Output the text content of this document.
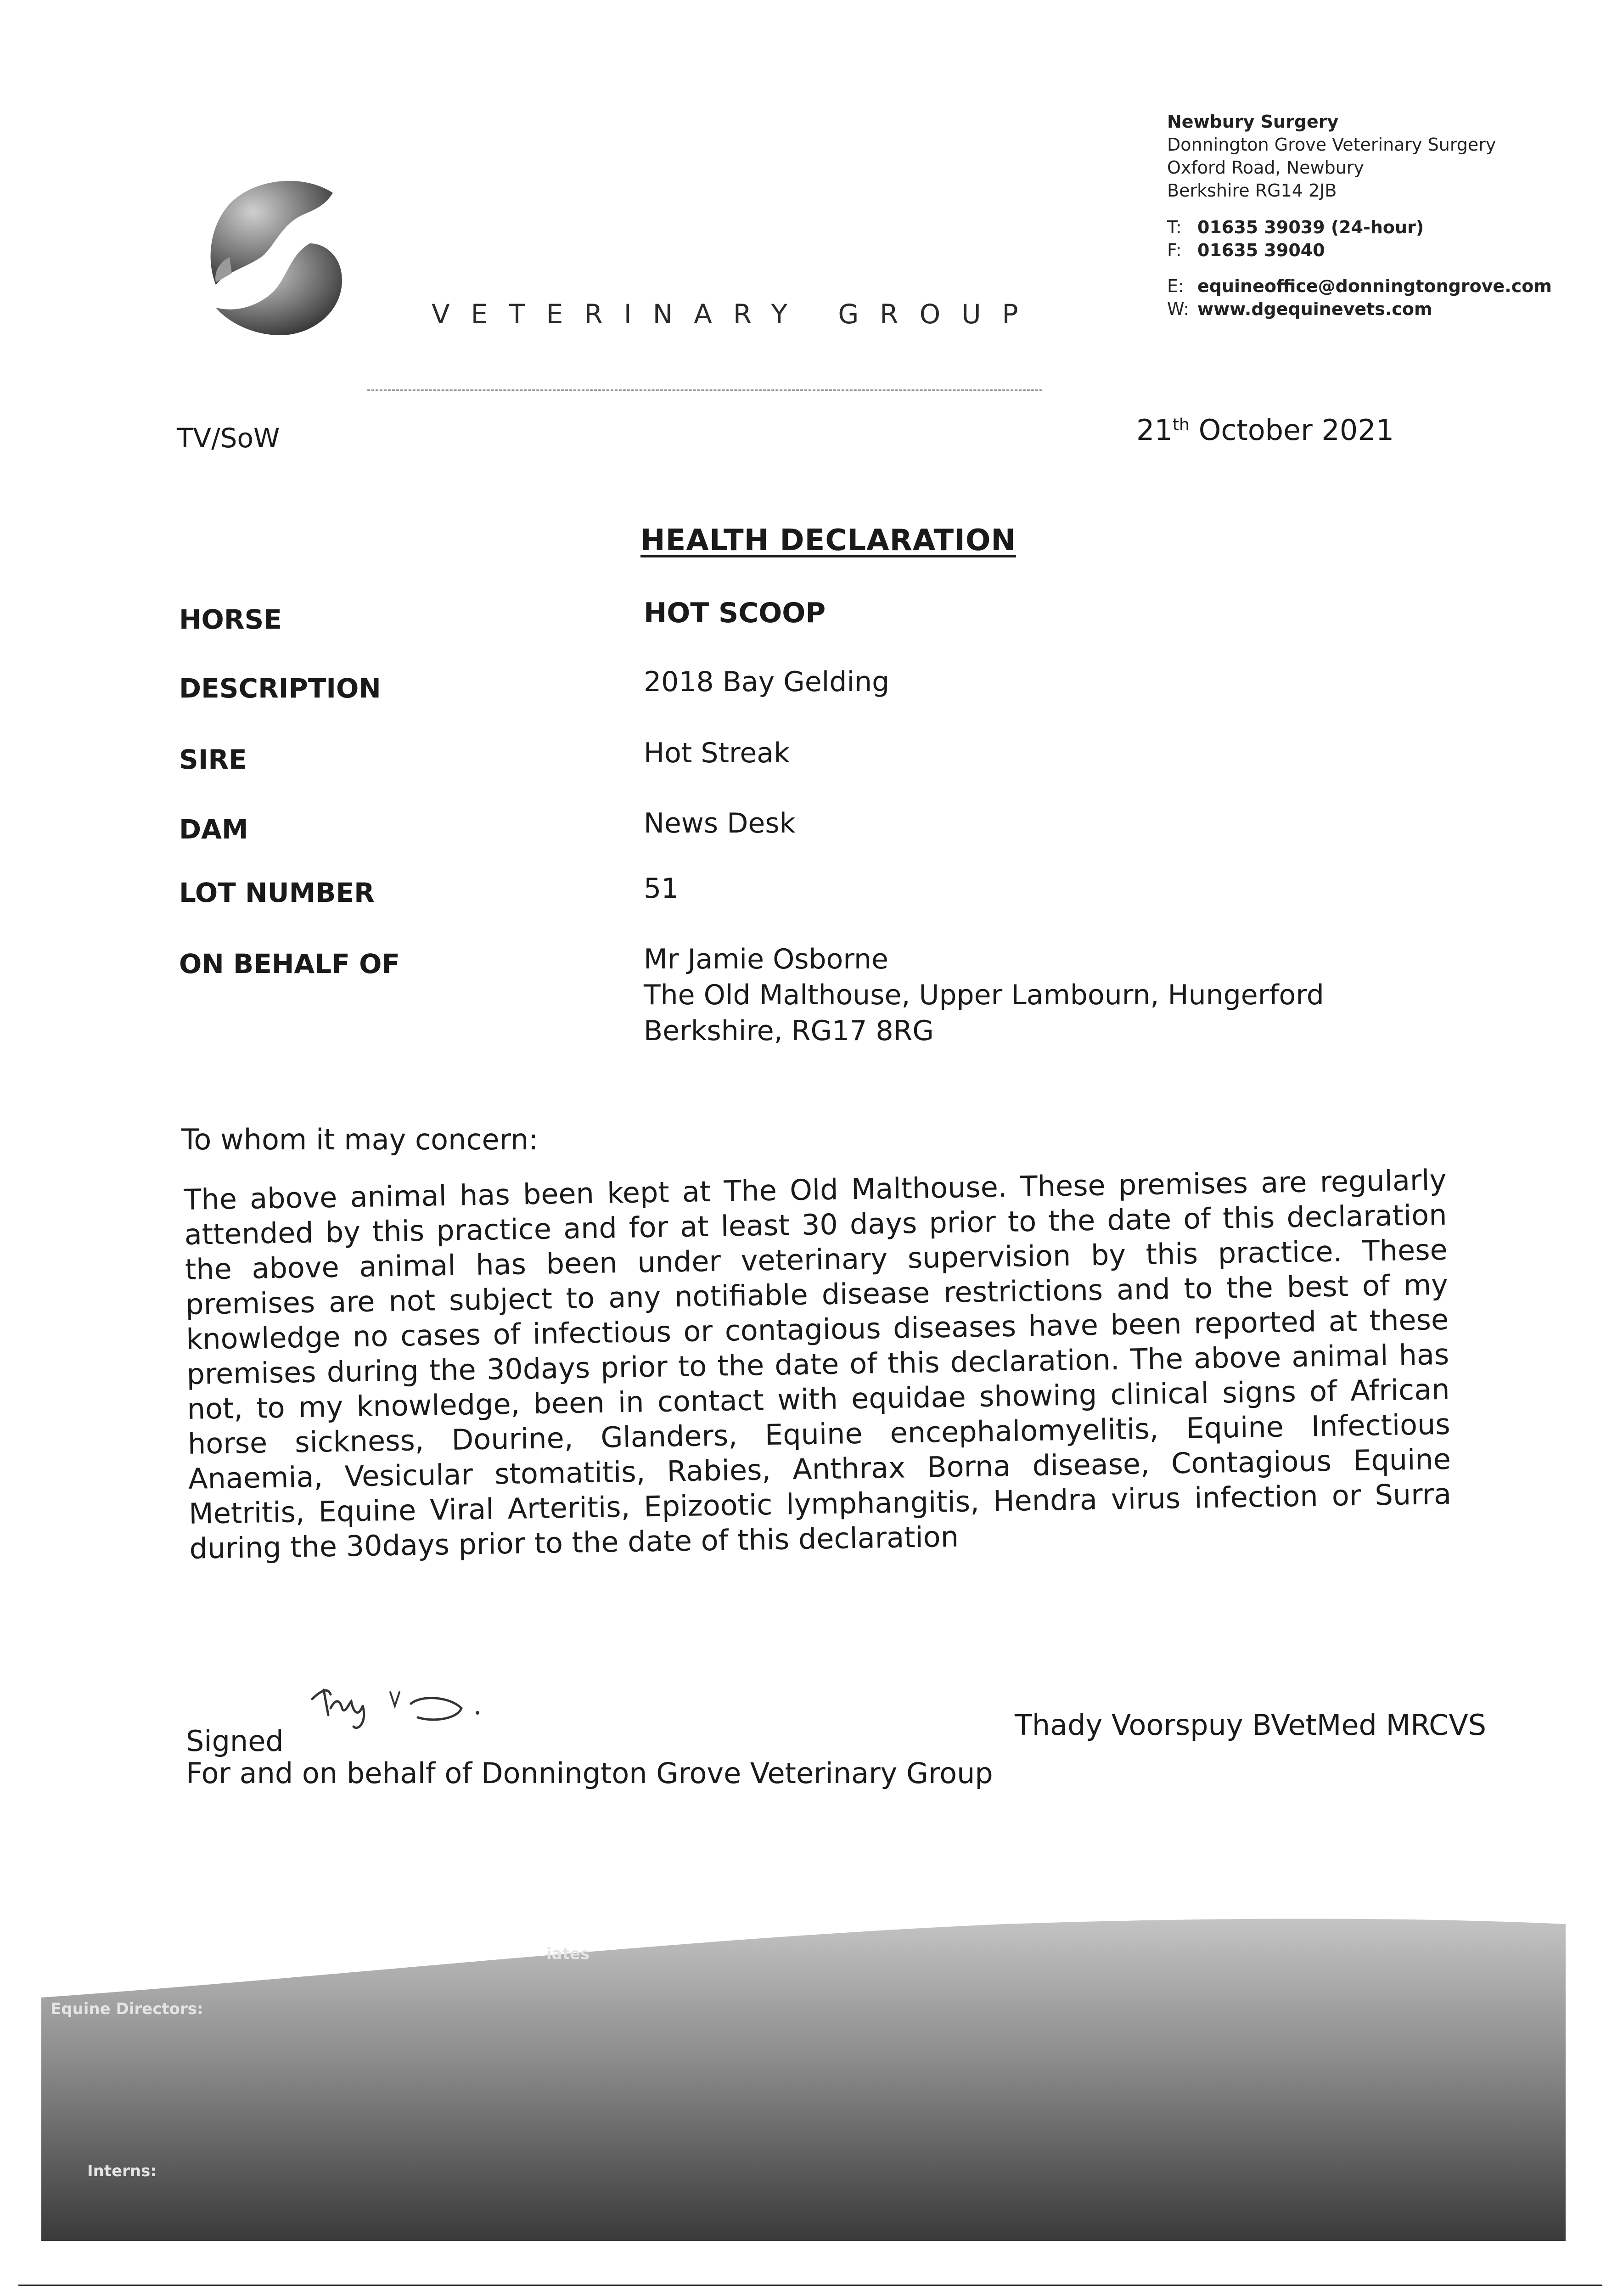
VETERINARY GROUP
Newbury Surgery
Donnington Grove Veterinary Surgery
Oxford Road, Newbury
Berkshire RG14 2JB
T: 01635 39039 (24-hour)
F: 01635 39040
E: equineoffice@donningtongrove.com
W: www.dgequinevets.com
TV/SoW	21th October 2021
HEALTH DECLARATION
HORSE	HOT SCOOP
DESCRIPTION	2018 Bay Gelding
SIRE	Hot Streak
DAM	News Desk
LOT NUMBER	51
ON BEHALF OF	Mr Jamie Osborne
The Old Malthouse, Upper Lambourn, Hungerford
Berkshire, RG17 8RG
To whom it may concern:
The above animal has been kept at The Old Malthouse. These premises are regularly attended by this practice and for at least 30 days prior to the date of this declaration the above animal has been under veterinary supervision by this practice. These premises are not subject to any notifiable disease restrictions and to the best of my knowledge no cases of infectious or contagious diseases have been reported at these premises during the 30days prior to the date of this declaration. The above animal has not, to my knowledge, been in contact with equidae showing clinical signs of African horse sickness, Dourine, Glanders, Equine encephalomyelitis, Equine Infectious Anaemia, Vesicular stomatitis, Rabies, Anthrax Borna disease, Contagious Equine Metritis, Equine Viral Arteritis, Epizootic lymphangitis, Hendra virus infection or Surra during the 30days prior to the date of this declaration
Signed
For and on behalf of Donnington Grove Veterinary Group
Thady Voorspuy BVetMed MRCVS
Equine Directors:
iates
Interns:
